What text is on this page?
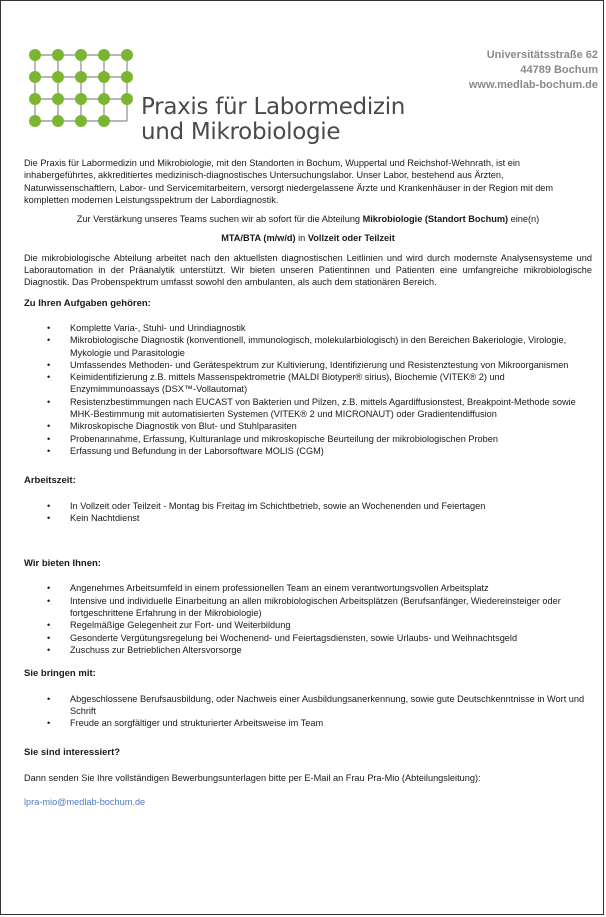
Praxis für Labormedizin
und Mikrobiologie
Universitätsstraße 62
44789 Bochum
www.medlab-bochum.de

Die Praxis für Labormedizin und Mikrobiologie, mit den Standorten in Bochum, Wuppertal und Reichshof-Wehnrath, ist ein inhabergeführtes, akkreditiertes medizinisch-diagnostisches Untersuchungslabor. Unser Labor, bestehend aus Ärzten, Naturwissenschaftlern, Labor- und Servicemitarbeitern, versorgt niedergelassene Ärzte und Krankenhäuser in der Region mit dem kompletten modernen Leistungsspektrum der Labordiagnostik.

Zur Verstärkung unseres Teams suchen wir ab sofort für die Abteilung Mikrobiologie (Standort Bochum) eine(n)

MTA/BTA (m/w/d) in Vollzeit oder Teilzeit

Die mikrobiologische Abteilung arbeitet nach den aktuellsten diagnostischen Leitlinien und wird durch modernste Analysensysteme und Laborautomation in der Präanalytik unterstützt. Wir bieten unseren Patientinnen und Patienten eine umfangreiche mikrobiologische Diagnostik. Das Probenspektrum umfasst sowohl den ambulanten, als auch dem stationären Bereich.

Zu Ihren Aufgaben gehören:
• Komplette Varia-, Stuhl- und Urindiagnostik
• Mikrobiologische Diagnostik (konventionell, immunologisch, molekularbiologisch) in den Bereichen Bakeriologie, Virologie, Mykologie und Parasitologie
• Umfassendes Methoden- und Gerätespektrum zur Kultivierung, Identifizierung und Resistenztestung von Mikroorganismen
• Keimidentifizierung z.B. mittels Massenspektrometrie (MALDI Biotyper® sirius), Biochemie (VITEK® 2) und Enzymimmunoassays (DSX™-Vollautomat)
• Resistenzbestimmungen nach EUCAST von Bakterien und Pilzen, z.B. mittels Agardiffusionstest, Breakpoint-Methode sowie MHK-Bestimmung mit automatisierten Systemen (VITEK® 2 und MICRONAUT) oder Gradientendiffusion
• Mikroskopische Diagnostik von Blut- und Stuhlparasiten
• Probenannahme, Erfassung, Kulturanlage und mikroskopische Beurteilung der mikrobiologischen Proben
• Erfassung und Befundung in der Laborsoftware MOLIS (CGM)
Arbeitszeit:
• In Vollzeit oder Teilzeit - Montag bis Freitag im Schichtbetrieb, sowie an Wochenenden und Feiertagen
• Kein Nachtdienst
Wir bieten Ihnen:
• Angenehmes Arbeitsumfeld in einem professionellen Team an einem verantwortungsvollen Arbeitsplatz
• Intensive und individuelle Einarbeitung an allen mikrobiologischen Arbeitsplätzen (Berufsanfänger, Wiedereinsteiger oder fortgeschrittene Erfahrung in der Mikrobiologie)
• Regelmäßige Gelegenheit zur Fort- und Weiterbildung
• Gesonderte Vergütungsregelung bei Wochenend- und Feiertagsdiensten, sowie Urlaubs- und Weihnachtsgeld
• Zuschuss zur Betrieblichen Altersvorsorge
Sie bringen mit:
• Abgeschlossene Berufsausbildung, oder Nachweis einer Ausbildungsanerkennung, sowie gute Deutschkenntnisse in Wort und Schrift
• Freude an sorgfältiger und strukturierter Arbeitsweise im Team
Sie sind interessiert?

Dann senden Sie Ihre vollständigen Bewerbungsunterlagen bitte per E-Mail an Frau Pra-Mio (Abteilungsleitung):

lpra-mio@medlab-bochum.de
